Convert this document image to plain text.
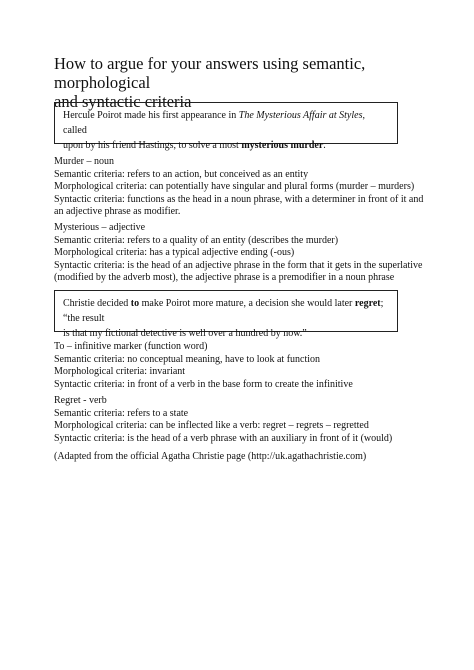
How to argue for your answers using semantic, morphological
and syntactic criteria
Hercule Poirot made his first appearance in The Mysterious Affair at Styles, called
upon by his friend Hastings, to solve a most mysterious murder.
Murder – noun
Semantic criteria: refers to an action, but conceived as an entity
Morphological criteria: can potentially have singular and plural forms (murder – murders)
Syntactic criteria: functions as the head in a noun phrase, with a determiner in front of it and
an adjective phrase as modifier.
Mysterious – adjective
Semantic criteria: refers to a quality of an entity (describes the murder)
Morphological criteria: has a typical adjective ending (-ous)
Syntactic criteria: is the head of an adjective phrase in the form that it gets in the superlative
(modified by the adverb most), the adjective phrase is a premodifier in a noun phrase
Christie decided to make Poirot more mature, a decision she would later regret; “the result
is that my fictional detective is well over a hundred by now.”
To – infinitive marker (function word)
Semantic criteria: no conceptual meaning, have to look at function
Morphological criteria: invariant
Syntactic criteria: in front of a verb in the base form to create the infinitive
Regret - verb
Semantic criteria: refers to a state
Morphological criteria: can be inflected like a verb: regret – regrets – regretted
Syntactic criteria: is the head of a verb phrase with an auxiliary in front of it (would)
(Adapted from the official Agatha Christie page (http://uk.agathachristie.com)
